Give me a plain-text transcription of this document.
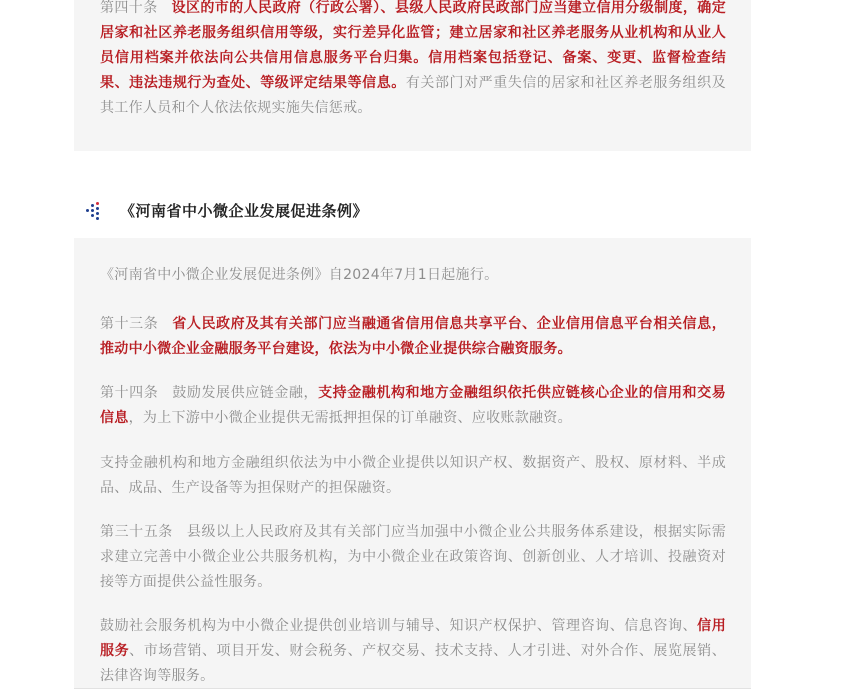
第四十条 设区的市的人民政府（行政公署）、县级人民政府民政部门应当建立信用分级制度，确定居家和社区养老服务组织信用等级，实行差异化监管；建立居家和社区养老服务从业机构和从业人员信用档案并依法向公共信用信息服务平台归集。信用档案包括登记、备案、变更、监督检查结果、违法违规行为查处、等级评定结果等信息。有关部门对严重失信的居家和社区养老服务组织及其工作人员和个人依法依规实施失信惩戒。
《河南省中小微企业发展促进条例》
《河南省中小微企业发展促进条例》自2024年7月1日起施行。
第十三条 省人民政府及其有关部门应当融通省信用信息共享平台、企业信用信息平台相关信息，推动中小微企业金融服务平台建设，依法为中小微企业提供综合融资服务。
第十四条 鼓励发展供应链金融，支持金融机构和地方金融组织依托供应链核心企业的信用和交易信息，为上下游中小微企业提供无需抵押担保的订单融资、应收账款融资。
支持金融机构和地方金融组织依法为中小微企业提供以知识产权、数据资产、股权、原材料、半成品、成品、生产设备等为担保财产的担保融资。
第三十五条 县级以上人民政府及其有关部门应当加强中小微企业公共服务体系建设，根据实际需求建立完善中小微企业公共服务机构，为中小微企业在政策咨询、创新创业、人才培训、投融资对接等方面提供公益性服务。
鼓励社会服务机构为中小微企业提供创业培训与辅导、知识产权保护、管理咨询、信息咨询、信用服务、市场营销、项目开发、财会税务、产权交易、技术支持、人才引进、对外合作、展览展销、法律咨询等服务。
